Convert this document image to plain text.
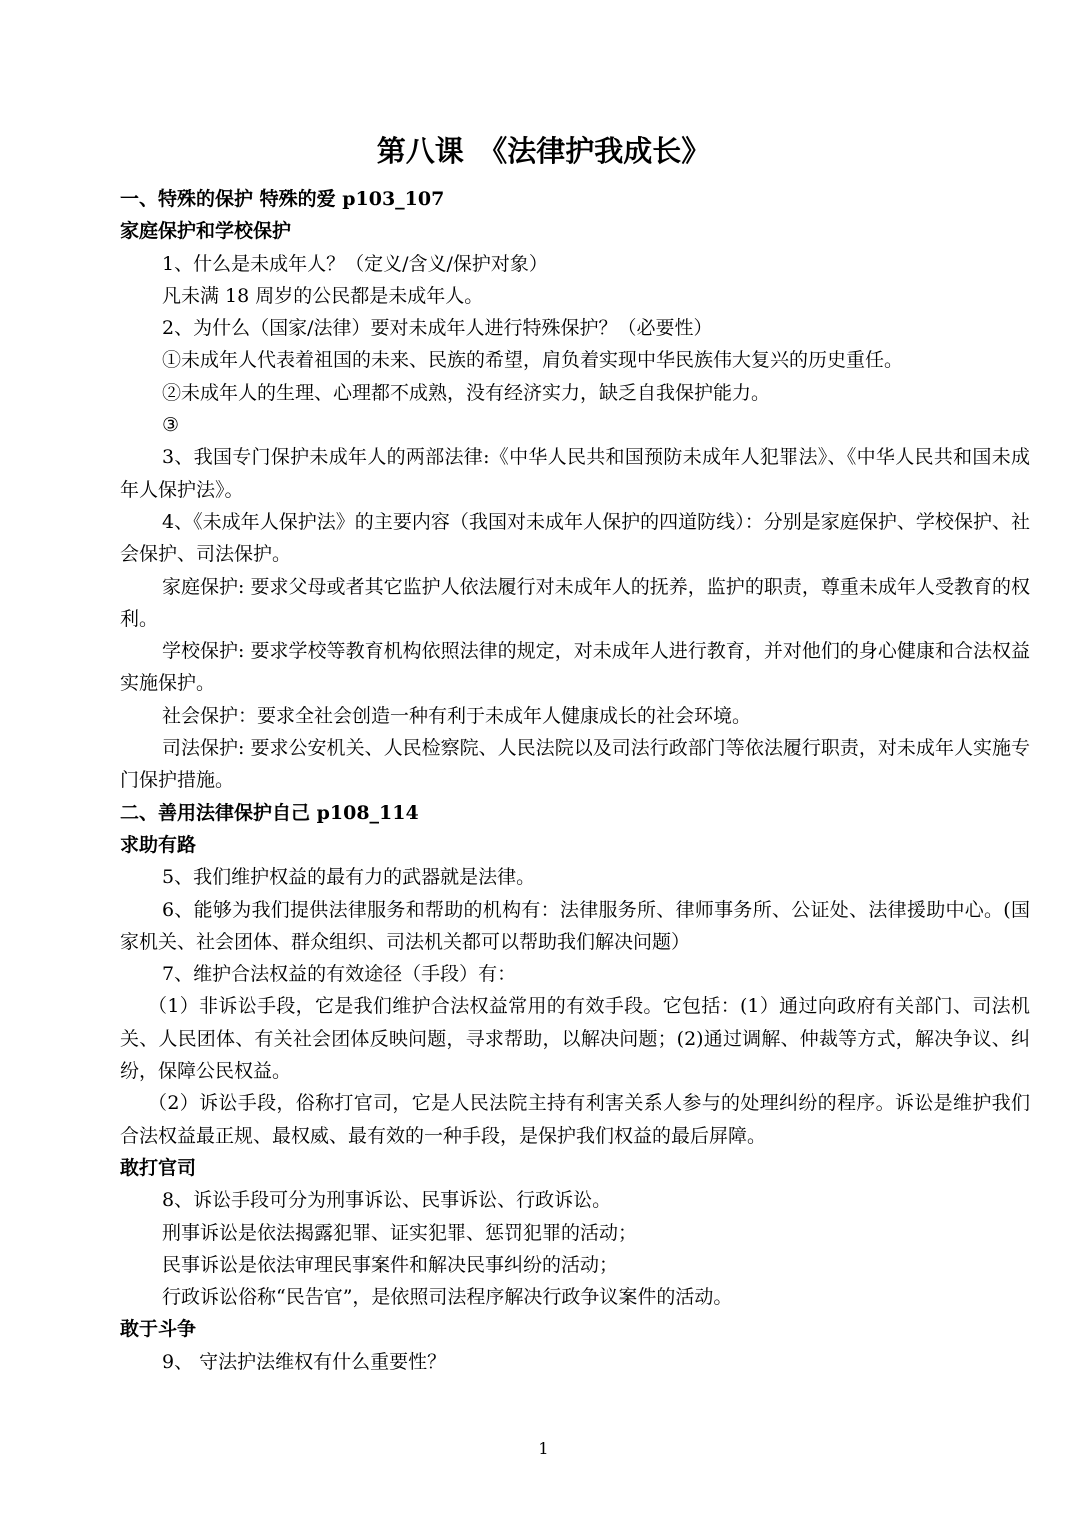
第八课　《法律护我成长》

一、特殊的保护 特殊的爱 p103_107

家庭保护和学校保护

1、什么是未成年人？（定义/含义/保护对象）

凡未满 18 周岁的公民都是未成年人。

2、为什么（国家/法律）要对未成年人进行特殊保护？（必要性）

①未成年人代表着祖国的未来、民族的希望，肩负着实现中华民族伟大复兴的历史重任。

②未成年人的生理、心理都不成熟，没有经济实力，缺乏自我保护能力。

③

3、我国专门保护未成年人的两部法律:《中华人民共和国预防未成年人犯罪法》、《中华人民共和国未成年人保护法》。

4、《未成年人保护法》的主要内容（我国对未成年人保护的四道防线）：分别是家庭保护、学校保护、社会保护、司法保护。

家庭保护: 要求父母或者其它监护人依法履行对未成年人的抚养，监护的职责，尊重未成年人受教育的权利。

学校保护: 要求学校等教育机构依照法律的规定，对未成年人进行教育，并对他们的身心健康和合法权益实施保护。

社会保护：要求全社会创造一种有利于未成年人健康成长的社会环境。

司法保护: 要求公安机关、人民检察院、人民法院以及司法行政部门等依法履行职责，对未成年人实施专门保护措施。

二、善用法律保护自己 p108_114

求助有路

5、我们维护权益的最有力的武器就是法律。

6、能够为我们提供法律服务和帮助的机构有：法律服务所、律师事务所、公证处、法律援助中心。(国家机关、社会团体、群众组织、司法机关都可以帮助我们解决问题）

7、维护合法权益的有效途径（手段）有：

（1）非诉讼手段，它是我们维护合法权益常用的有效手段。它包括：(1）通过向政府有关部门、司法机关、人民团体、有关社会团体反映问题，寻求帮助，以解决问题；(2)通过调解、仲裁等方式，解决争议、纠纷，保障公民权益。

（2）诉讼手段，俗称打官司，它是人民法院主持有利害关系人参与的处理纠纷的程序。诉讼是维护我们合法权益最正规、最权威、最有效的一种手段，是保护我们权益的最后屏障。

敢打官司

8、诉讼手段可分为刑事诉讼、民事诉讼、行政诉讼。

刑事诉讼是依法揭露犯罪、证实犯罪、惩罚犯罪的活动；

民事诉讼是依法审理民事案件和解决民事纠纷的活动；

行政诉讼俗称“民告官”，是依照司法程序解决行政争议案件的活动。

敢于斗争

9、 守法护法维权有什么重要性？

1
